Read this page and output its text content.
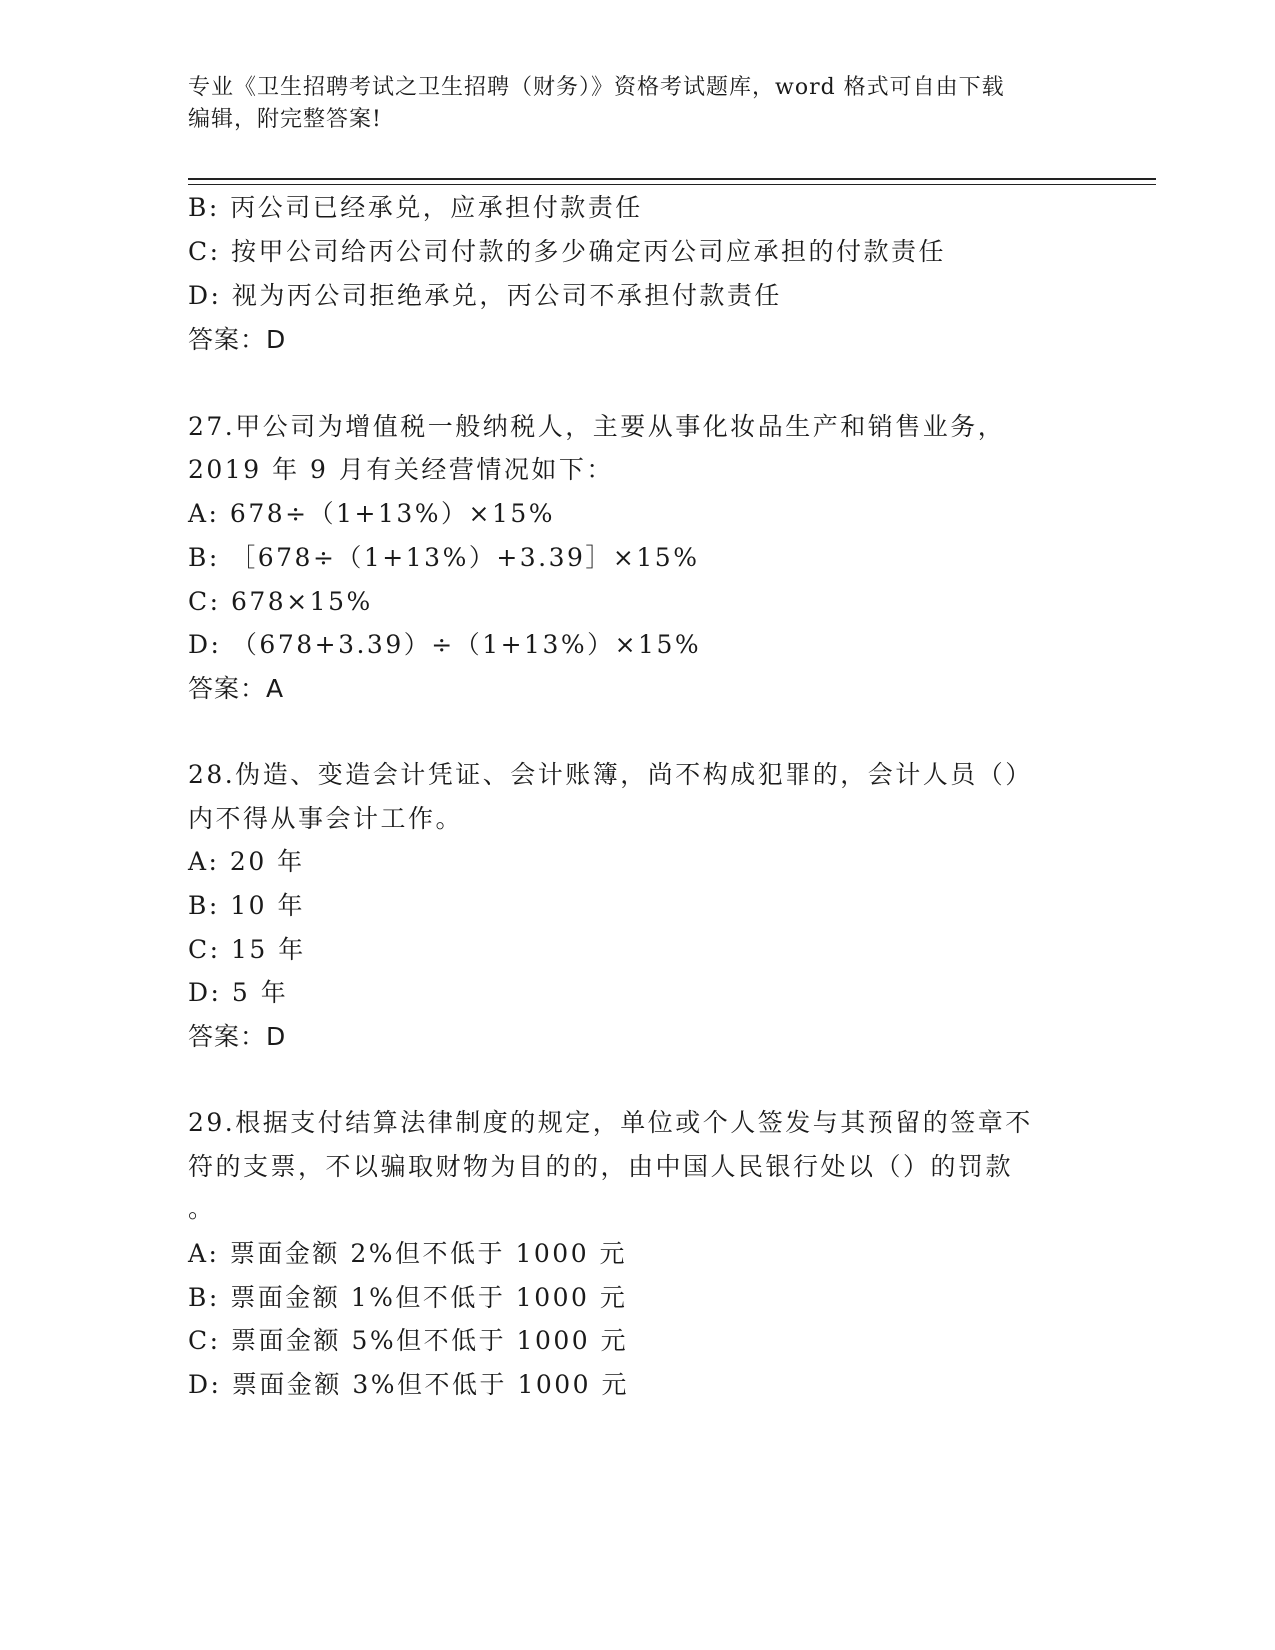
专业《卫生招聘考试之卫生招聘（财务）》资格考试题库，word 格式可自由下载
编辑，附完整答案!
B: 丙公司已经承兑，应承担付款责任
C: 按甲公司给丙公司付款的多少确定丙公司应承担的付款责任
D: 视为丙公司拒绝承兑，丙公司不承担付款责任
答案：D
27.甲公司为增值税一般纳税人，主要从事化妆品生产和销售业务，
2019 年 9 月有关经营情况如下：
A: 678÷（1+13%）×15%
B: ［678÷（1+13%）+3.39］×15%
C: 678×15%
D: （678+3.39）÷（1+13%）×15%
答案：A
28.伪造、变造会计凭证、会计账簿，尚不构成犯罪的，会计人员（）
内不得从事会计工作。
A: 20 年
B: 10 年
C: 15 年
D: 5 年
答案：D
29.根据支付结算法律制度的规定，单位或个人签发与其预留的签章不
符的支票，不以骗取财物为目的的，由中国人民银行处以（）的罚款
。
A: 票面金额 2%但不低于 1000 元
B: 票面金额 1%但不低于 1000 元
C: 票面金额 5%但不低于 1000 元
D: 票面金额 3%但不低于 1000 元
